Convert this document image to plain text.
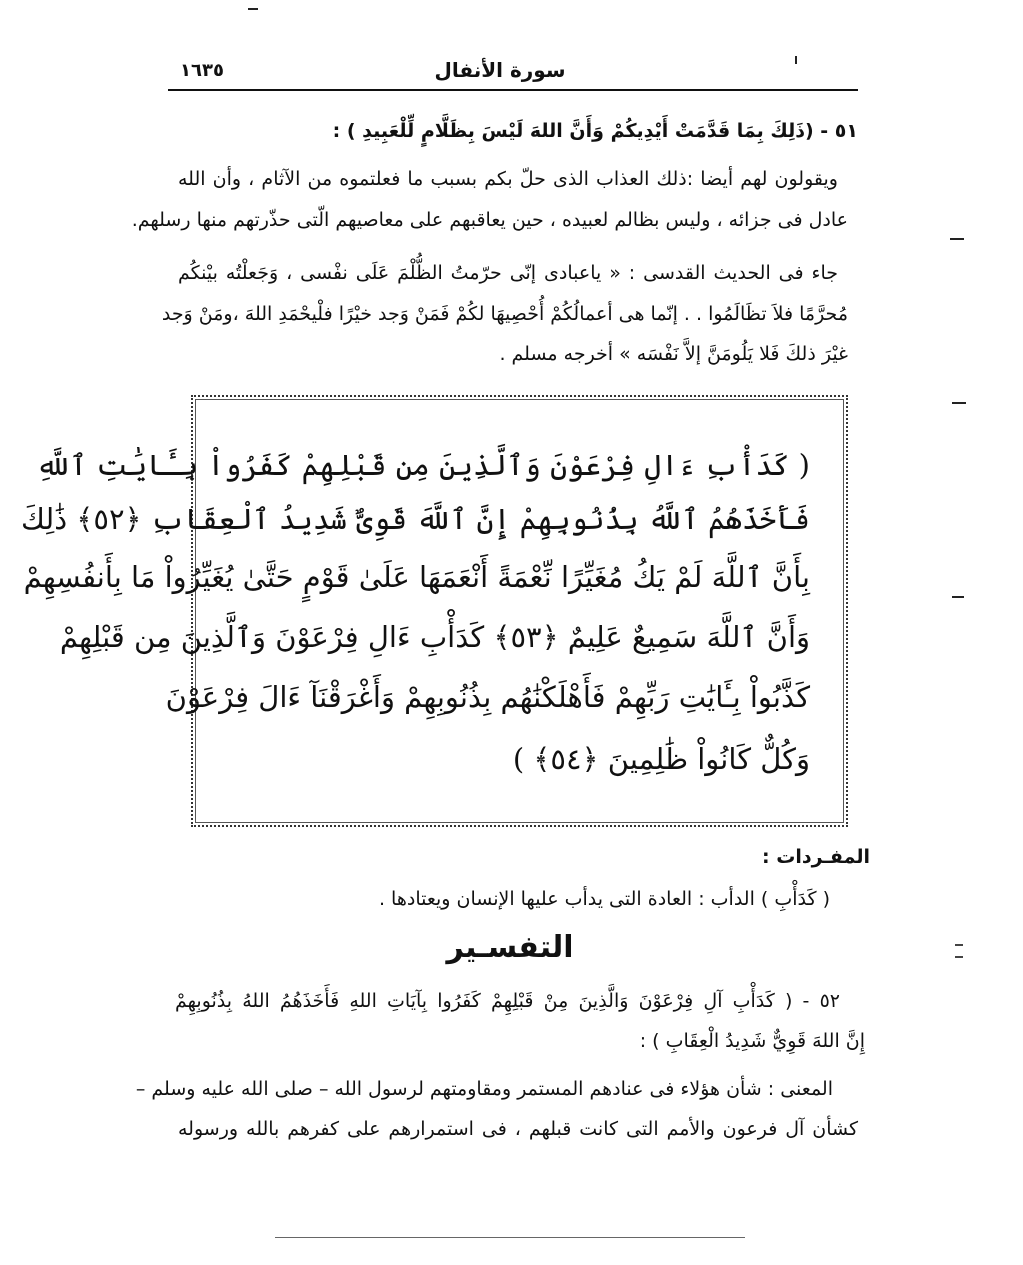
سورة الأنفال
١٦٣٥
٥١ - (ذَلِكَ بِمَا قَدَّمَتْ أَيْدِيكُمْ وَأَنَّ اللهَ لَيْسَ بِظَلَّامٍ لِّلْعَبِيدِ ) :
ويقولون لهم أيضا :ذلك العذاب الذى حلّ بكم بسبب ما فعلتموه من الآثام ، وأن الله
عادل فى جزائه ، وليس بظالم لعبيده ، حين يعاقبهم على معاصيهم الّتى حذّرتهم منها رسلهم.
جاء فى الحديث القدسى : « ياعبادى إنّى حرّمتُ الظُّلْمَ عَلَى نفْسى ، وَجَعلْتُه بيْنكُم
مُحرَّمًا فلاَ تظَالَمُوا . . إنّما هى أعمالُكُمْ أُحْصِيهَا لكُمْ فَمَنْ وَجد خيْرًا فلْيحْمَدِ اللهَ ،ومَنْ وَجد
غيْرَ ذلكَ فَلا يَلُومَنَّ إلاَّ نَفْسَه » أخرجه مسلم .
( كَدَأْبِ ءَالِ فِرْعَوْنَ وَٱلَّذِينَ مِن قَبْلِهِمْ كَفَرُواْ بِـَٔايَٰتِ ٱللَّهِ
فَأَخَذَهُمُ ٱللَّهُ بِذُنُوبِهِمْ إِنَّ ٱللَّهَ قَوِىٌّ شَدِيدُ ٱلْعِقَابِ ﴿٥٢﴾ ذَٰلِكَ
بِأَنَّ ٱللَّهَ لَمْ يَكُ مُغَيِّرًا نِّعْمَةً أَنْعَمَهَا عَلَىٰ قَوْمٍ حَتَّىٰ يُغَيِّرُواْ مَا بِأَنفُسِهِمْ
وَأَنَّ ٱللَّهَ سَمِيعٌ عَلِيمٌ ﴿٥٣﴾ كَدَأْبِ ءَالِ فِرْعَوْنَ وَٱلَّذِينَ مِن قَبْلِهِمْ
كَذَّبُواْ بِـَٔايَٰتِ رَبِّهِمْ فَأَهْلَكْنَٰهُم بِذُنُوبِهِمْ وَأَغْرَقْنَآ ءَالَ فِرْعَوْنَ
وَكُلٌّ كَانُواْ ظَٰلِمِينَ ﴿٥٤﴾ )
المفـردات :
( كَدَأْبِ ) الدأب : العادة التى يدأب عليها الإنسان ويعتادها .
التفسـير
٥٢ - ( كَدَأْبِ آلِ فِرْعَوْنَ وَالَّذِينَ مِنْ قَبْلِهِمْ كَفَرُوا بِآيَاتِ اللهِ فَأَخَذَهُمُ اللهُ بِذُنُوبِهِمْ
إِنَّ اللهَ قَوِيٌّ شَدِيدُ الْعِقَابِ ) :
المعنى : شأن هؤلاء فى عنادهم المستمر ومقاومتهم لرسول الله – صلى الله عليه وسلم –
كشأن آل فرعون والأمم التى كانت قبلهم ، فى استمرارهم على كفرهم بالله ورسوله
